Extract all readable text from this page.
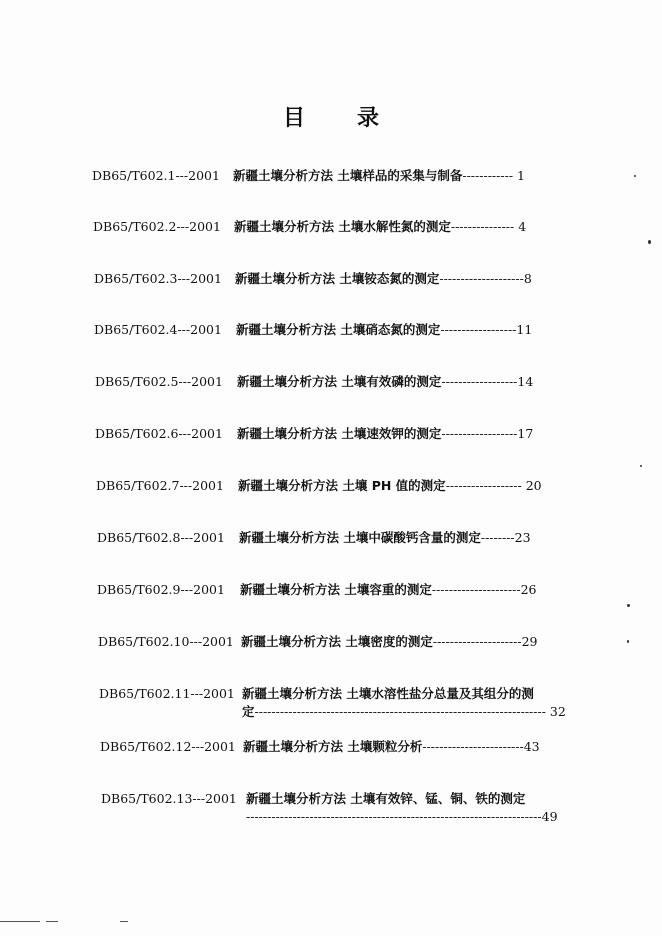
目 录
DB65/T602.1---2001 新疆土壤分析方法 土壤样品的采集与制备------------ 1
DB65/T602.2---2001 新疆土壤分析方法 土壤水解性氮的测定--------------- 4
DB65/T602.3---2001 新疆土壤分析方法 土壤铵态氮的测定--------------------8
DB65/T602.4---2001 新疆土壤分析方法 土壤硝态氮的测定------------------11
DB65/T602.5---2001 新疆土壤分析方法 土壤有效磷的测定------------------14
DB65/T602.6---2001 新疆土壤分析方法 土壤速效钾的测定------------------17
DB65/T602.7---2001 新疆土壤分析方法 土壤 PH 值的测定------------------ 20
DB65/T602.8---2001 新疆土壤分析方法 土壤中碳酸钙含量的测定--------23
DB65/T602.9---2001 新疆土壤分析方法 土壤容重的测定---------------------26
DB65/T602.10---2001 新疆土壤分析方法 土壤密度的测定---------------------29
DB65/T602.11---2001 新疆土壤分析方法 土壤水溶性盐分总量及其组分的测
定--------------------------------------------------------------------- 32
DB65/T602.12---2001 新疆土壤分析方法 土壤颗粒分析------------------------43
DB65/T602.13---2001 新疆土壤分析方法 土壤有效锌、锰、铜、铁的测定
----------------------------------------------------------------------49
